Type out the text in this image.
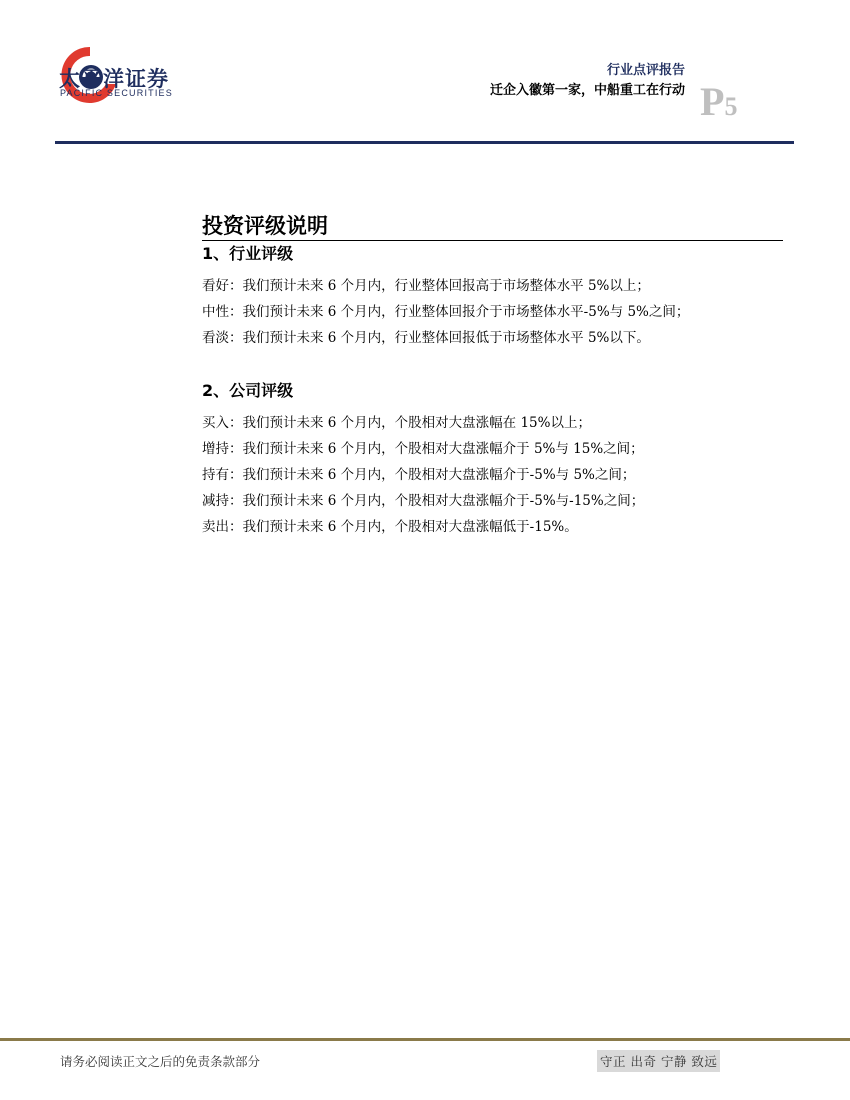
太平洋证券
PACIFIC SECURITIES
行业点评报告
迁企入徽第一家，中船重工在行动 P5
投资评级说明
1、行业评级
看好：我们预计未来 6 个月内，行业整体回报高于市场整体水平 5%以上；
中性：我们预计未来 6 个月内，行业整体回报介于市场整体水平-5%与 5%之间；
看淡：我们预计未来 6 个月内，行业整体回报低于市场整体水平 5%以下。
2、公司评级
买入：我们预计未来 6 个月内，个股相对大盘涨幅在 15%以上；
增持：我们预计未来 6 个月内，个股相对大盘涨幅介于 5%与 15%之间；
持有：我们预计未来 6 个月内，个股相对大盘涨幅介于-5%与 5%之间；
减持：我们预计未来 6 个月内，个股相对大盘涨幅介于-5%与-15%之间；
卖出：我们预计未来 6 个月内，个股相对大盘涨幅低于-15%。
请务必阅读正文之后的免责条款部分	守正 出奇 宁静 致远
